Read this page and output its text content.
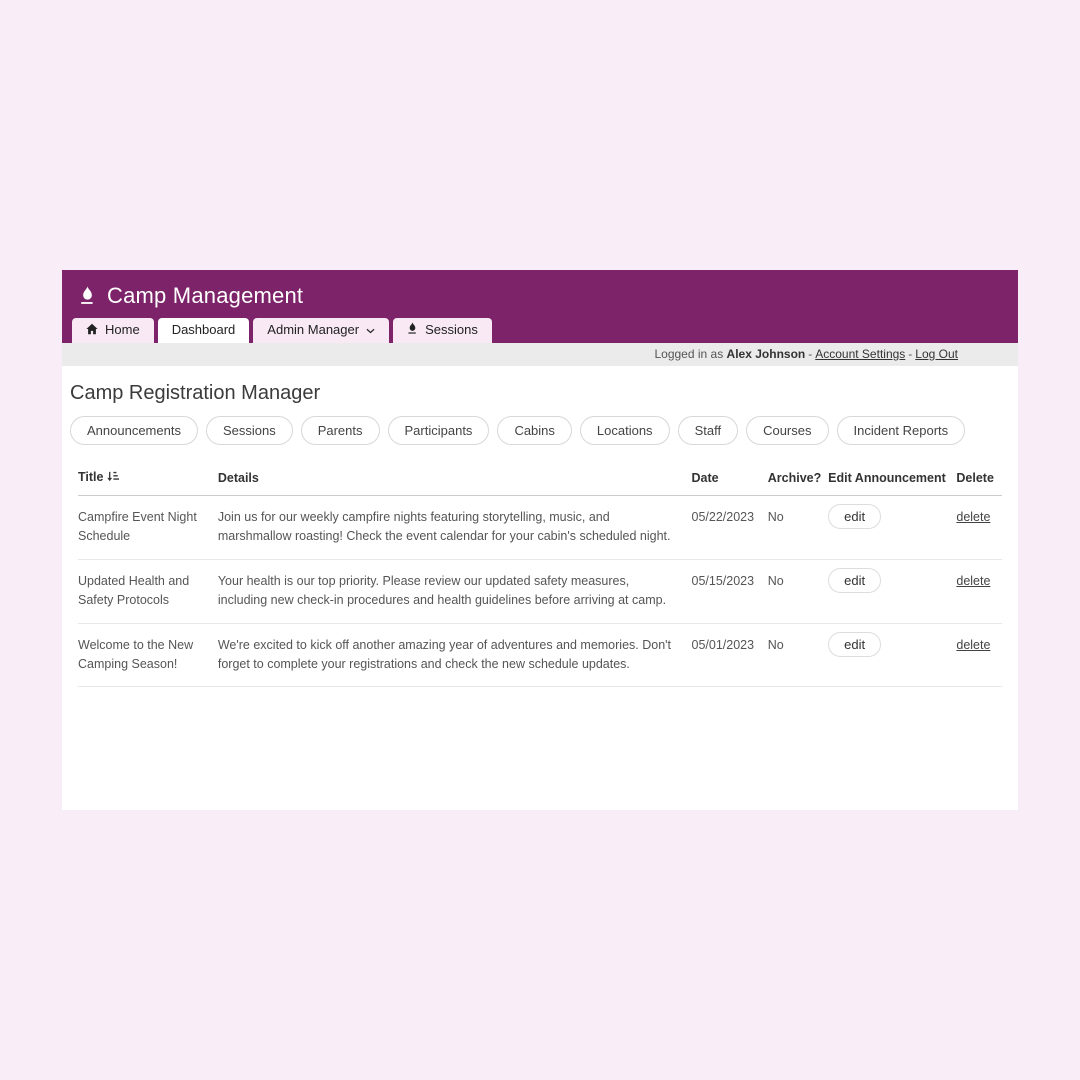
Camp Management
Home Dashboard Admin Manager	Sessions
Logged in as Alex Johnson - Account Settings - Log Out
Camp Registration Manager
Announcements	Sessions	Parents	Participants	Cabins	Locations	Staff	Courses	Incident Reports
Title	Details	Date	Archive?	Edit Announcement	Delete
Campfire Event Night Schedule	Join us for our weekly campfire nights featuring storytelling, music, and marshmallow roasting! Check the event calendar for your cabin's scheduled night.	05/22/2023	No	edit	delete
Updated Health and Safety Protocols	Your health is our top priority. Please review our updated safety measures, including new check-in procedures and health guidelines before arriving at camp.	05/15/2023	No	edit	delete
Welcome to the New Camping Season!	We're excited to kick off another amazing year of adventures and memories. Don't forget to complete your registrations and check the new schedule updates.	05/01/2023	No	edit	delete
